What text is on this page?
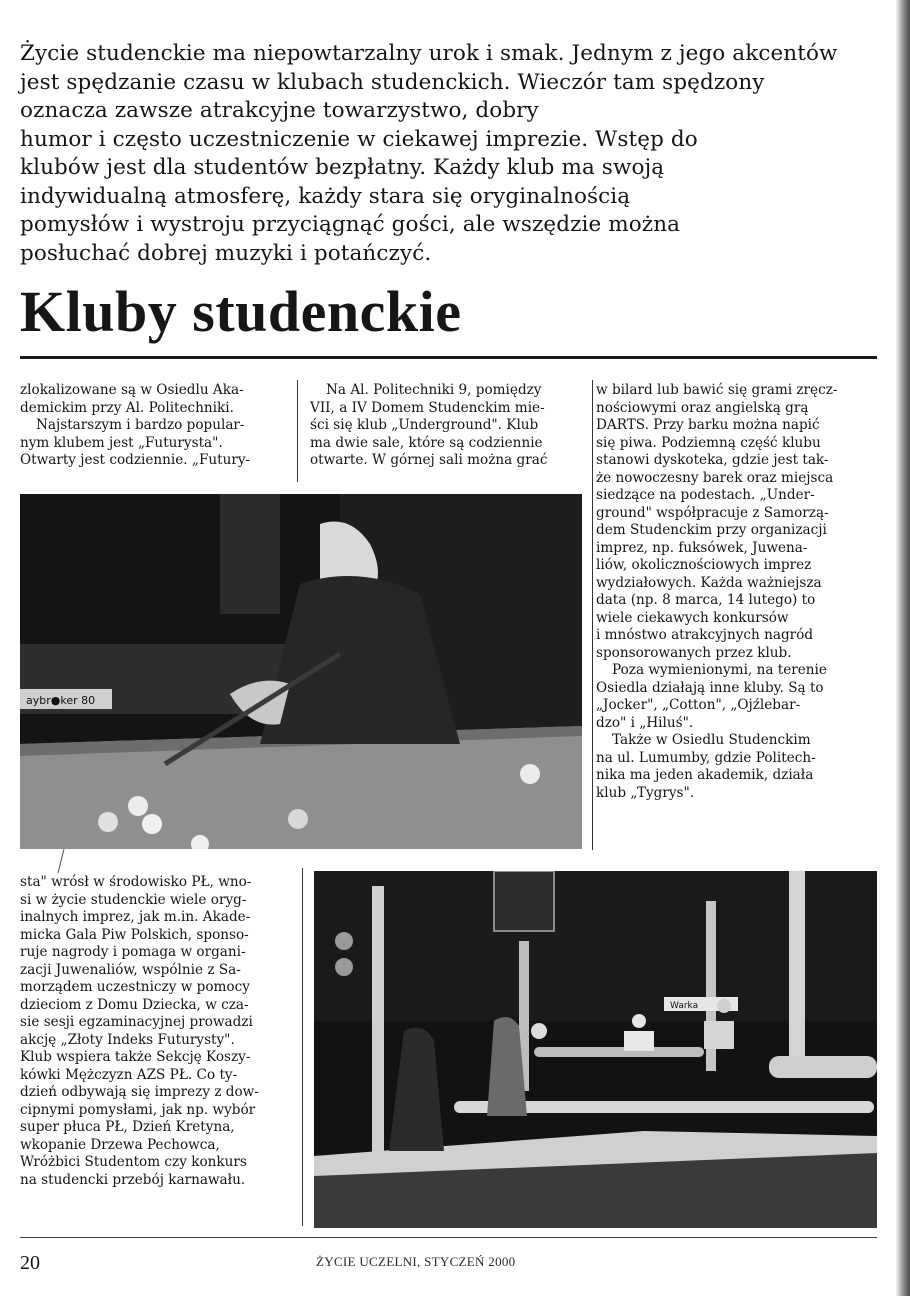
Życie studenckie ma niepowtarzalny urok i smak. Jednym z jego akcentów
jest spędzanie czasu w klubach studenckich. Wieczór tam spędzony
oznacza zawsze atrakcyjne towarzystwo, dobry
humor i często uczestniczenie w ciekawej imprezie. Wstęp do
klubów jest dla studentów bezpłatny. Każdy klub ma swoją
indywidualną atmosferę, każdy stara się oryginalnością
pomysłów i wystroju przyciągnąć gości, ale wszędzie można
posłuchać dobrej muzyki i potańczyć.
Kluby studenckie
zlokalizowane są w Osiedlu Aka-
demickim przy Al. Politechniki.
Najstarszym i bardzo popular-
nym klubem jest „Futurysta".
Otwarty jest codziennie. „Futury-
Na Al. Politechniki 9, pomiędzy
VII, a IV Domem Studenckim mie-
ści się klub „Underground". Klub
ma dwie sale, które są codziennie
otwarte. W górnej sali można grać
w bilard lub bawić się grami zręcz-
nościowymi oraz angielską grą
DARTS. Przy barku można napić
się piwa. Podziemną część klubu
stanowi dyskoteka, gdzie jest tak-
że nowoczesny barek oraz miejsca
siedzące na podestach. „Under-
ground" współpracuje z Samorzą-
dem Studenckim przy organizacji
imprez, np. fuksówek, Juwena-
liów, okolicznościowych imprez
wydziałowych. Każda ważniejsza
data (np. 8 marca, 14 lutego) to
wiele ciekawych konkursów
i mnóstwo atrakcyjnych nagród
sponsorowanych przez klub.
Poza wymienionymi, na terenie
Osiedla działają inne kluby. Są to
„Jocker", „Cotton", „Ojźlebar-
dzo" i „Hiluś".
Także w Osiedlu Studenckim
na ul. Lumumby, gdzie Politech-
nika ma jeden akademik, działa
klub „Tygrys".
aybr●ker 80
sta" wrósł w środowisko PŁ, wno-
si w życie studenckie wiele oryg-
inalnych imprez, jak m.in. Akade-
micka Gala Piw Polskich, sponso-
ruje nagrody i pomaga w organi-
zacji Juwenaliów, wspólnie z Sa-
morządem uczestniczy w pomocy
dzieciom z Domu Dziecka, w cza-
sie sesji egzaminacyjnej prowadzi
akcję „Złoty Indeks Futurysty".
Klub wspiera także Sekcję Koszy-
kówki Mężczyzn AZS PŁ. Co ty-
dzień odbywają się imprezy z dow-
cipnymi pomysłami, jak np. wybór
super płuca PŁ, Dzień Kretyna,
wkopanie Drzewa Pechowca,
Wróżbici Studentom czy konkurs
na studencki przebój karnawału.
Warka
20	ŻYCIE UCZELNI, STYCZEŃ 2000
